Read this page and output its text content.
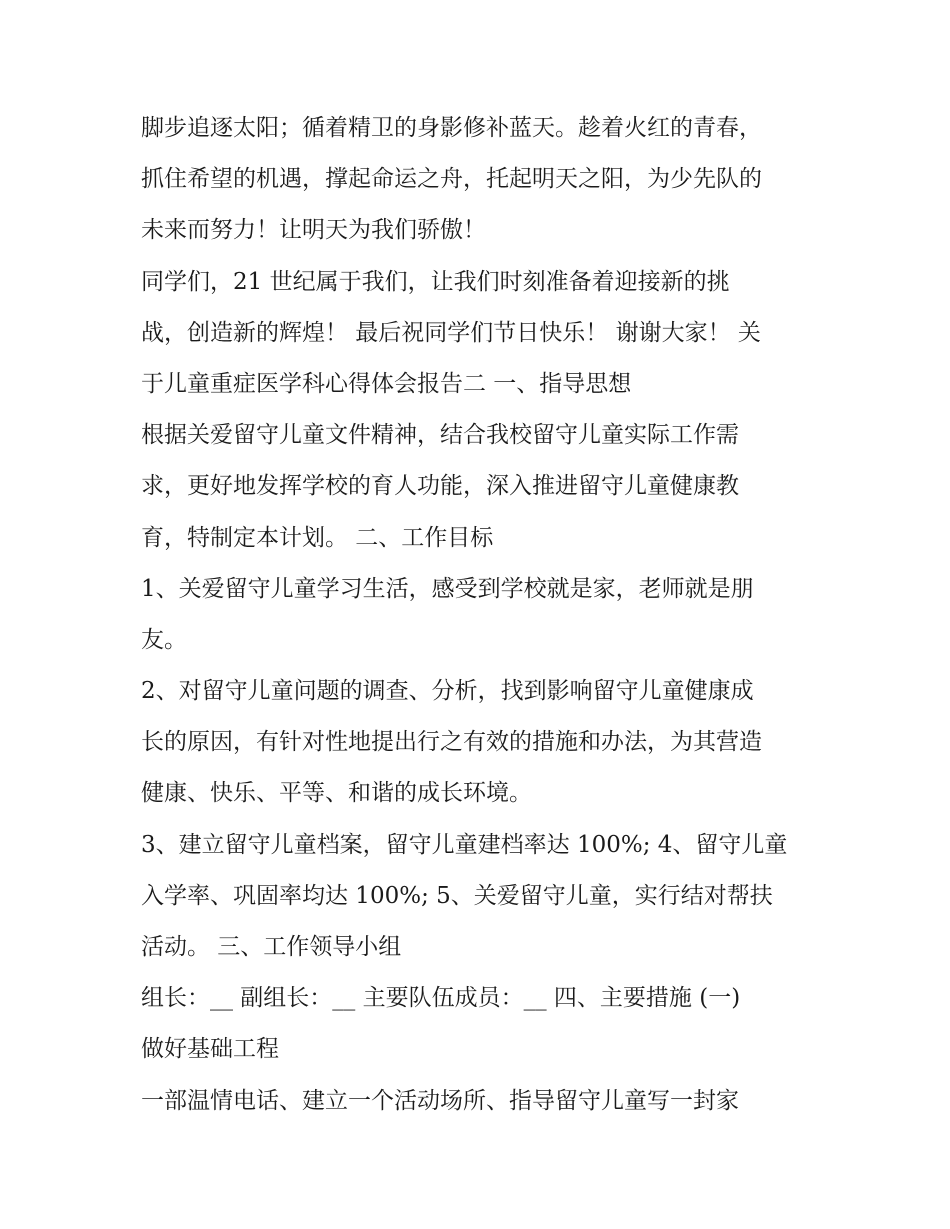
脚步追逐太阳；循着精卫的身影修补蓝天。趁着火红的青春，
抓住希望的机遇，撑起命运之舟，托起明天之阳，为少先队的
未来而努力！让明天为我们骄傲！
同学们，21 世纪属于我们，让我们时刻准备着迎接新的挑
战，创造新的辉煌！ 最后祝同学们节日快乐！ 谢谢大家！ 关
于儿童重症医学科心得体会报告二 一、指导思想
根据关爱留守儿童文件精神，结合我校留守儿童实际工作需
求，更好地发挥学校的育人功能，深入推进留守儿童健康教
育，特制定本计划。 二、工作目标
1、关爱留守儿童学习生活，感受到学校就是家，老师就是朋
友。
2、对留守儿童问题的调查、分析，找到影响留守儿童健康成
长的原因，有针对性地提出行之有效的措施和办法，为其营造
健康、快乐、平等、和谐的成长环境。
3、建立留守儿童档案，留守儿童建档率达 100%; 4、留守儿童
入学率、巩固率均达 100%; 5、关爱留守儿童，实行结对帮扶
活动。 三、工作领导小组
组长：__ 副组长：__ 主要队伍成员：__ 四、主要措施 (一)
做好基础工程
一部温情电话、建立一个活动场所、指导留守儿童写一封家
